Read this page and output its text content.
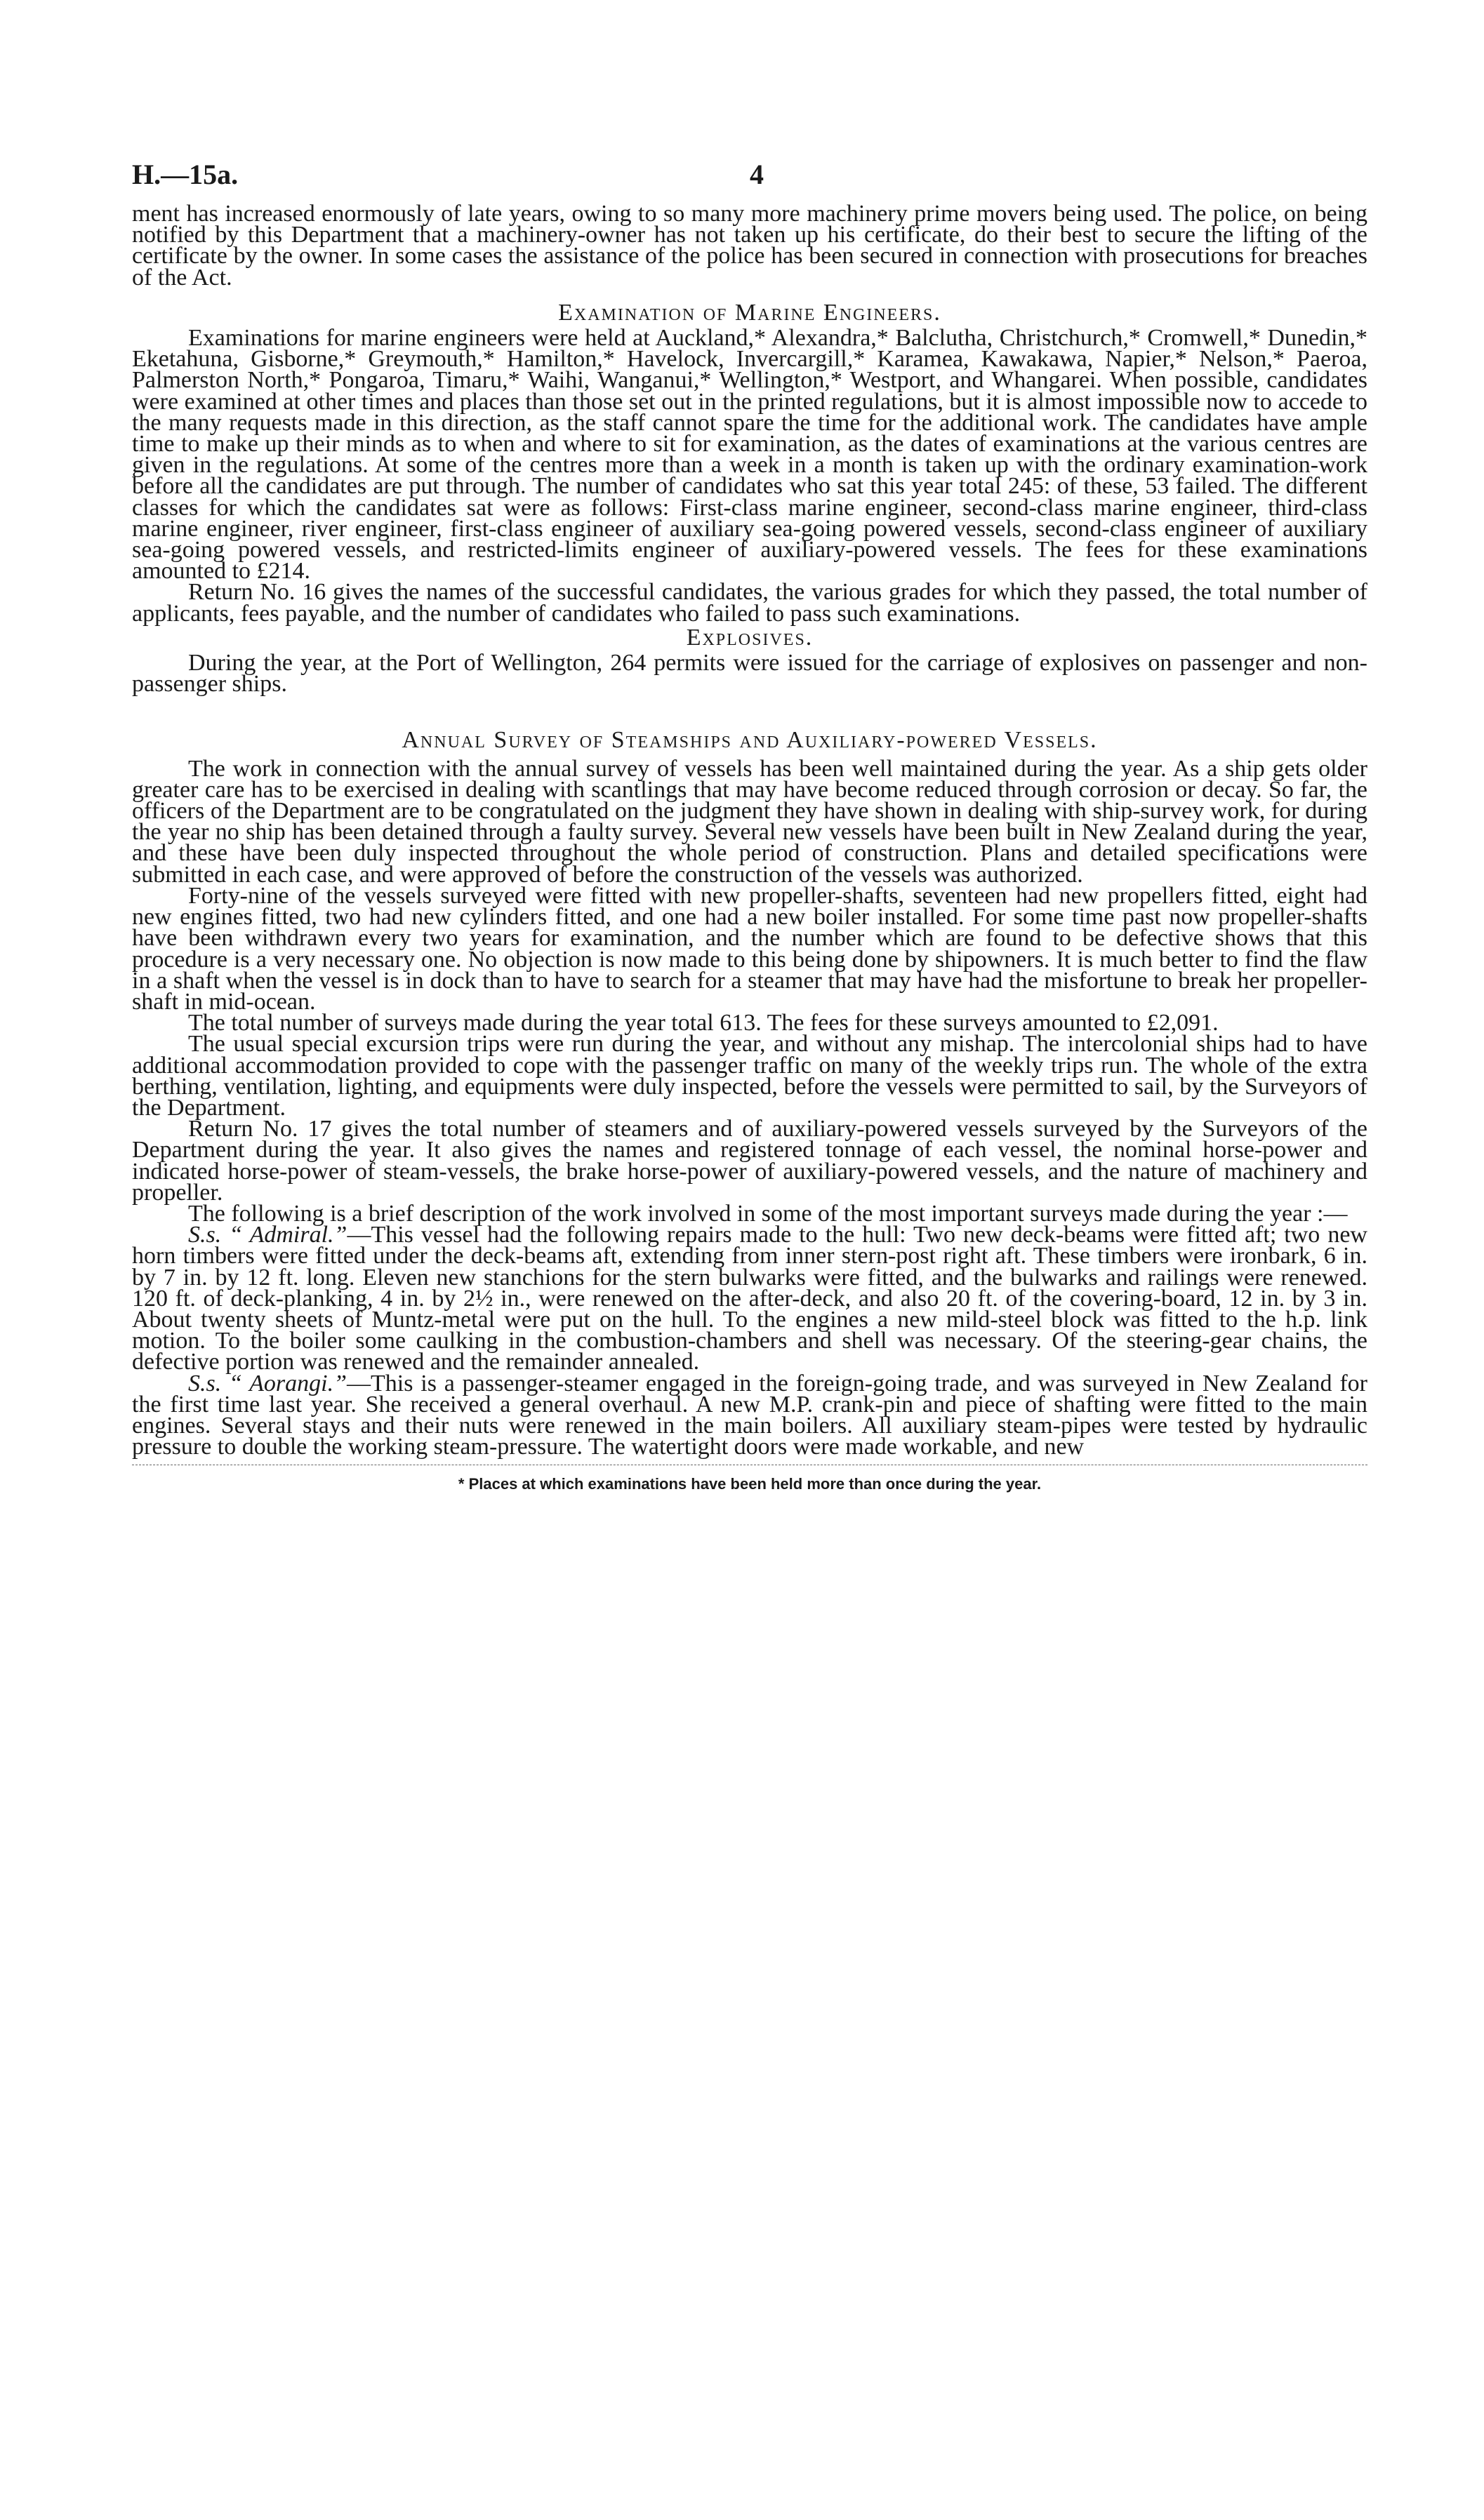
H.—15a.	4

ment has increased enormously of late years, owing to so many more machinery prime movers being used. The police, on being notified by this Department that a machinery-owner has not taken up his certificate, do their best to secure the lifting of the certificate by the owner. In some cases the assistance of the police has been secured in connection with prosecutions for breaches of the Act.

Examination of Marine Engineers.

Examinations for marine engineers were held at Auckland,* Alexandra,* Balclutha, Christchurch,* Cromwell,* Dunedin,* Eketahuna, Gisborne,* Greymouth,* Hamilton,* Havelock, Invercargill,* Karamea, Kawakawa, Napier,* Nelson,* Paeroa, Palmerston North,* Pongaroa, Timaru,* Waihi, Wanganui,* Wellington,* Westport, and Whangarei. When possible, candidates were examined at other times and places than those set out in the printed regulations, but it is almost impossible now to accede to the many requests made in this direction, as the staff cannot spare the time for the additional work. The candidates have ample time to make up their minds as to when and where to sit for examination, as the dates of examinations at the various centres are given in the regulations. At some of the centres more than a week in a month is taken up with the ordinary examination-work before all the candidates are put through. The number of candidates who sat this year total 245: of these, 53 failed. The different classes for which the candidates sat were as follows: First-class marine engineer, second-class marine engineer, third-class marine engineer, river engineer, first-class engineer of auxiliary sea-going powered vessels, second-class engineer of auxiliary sea-going powered vessels, and restricted-limits engineer of auxiliary-powered vessels. The fees for these examinations amounted to £214.

Return No. 16 gives the names of the successful candidates, the various grades for which they passed, the total number of applicants, fees payable, and the number of candidates who failed to pass such examinations.

Explosives.

During the year, at the Port of Wellington, 264 permits were issued for the carriage of explosives on passenger and non-passenger ships.

Annual Survey of Steamships and Auxiliary-powered Vessels.

The work in connection with the annual survey of vessels has been well maintained during the year. As a ship gets older greater care has to be exercised in dealing with scantlings that may have become reduced through corrosion or decay. So far, the officers of the Department are to be congratulated on the judgment they have shown in dealing with ship-survey work, for during the year no ship has been detained through a faulty survey. Several new vessels have been built in New Zealand during the year, and these have been duly inspected throughout the whole period of construction. Plans and detailed specifications were submitted in each case, and were approved of before the construction of the vessels was authorized.

Forty-nine of the vessels surveyed were fitted with new propeller-shafts, seventeen had new propellers fitted, eight had new engines fitted, two had new cylinders fitted, and one had a new boiler installed. For some time past now propeller-shafts have been withdrawn every two years for examination, and the number which are found to be defective shows that this procedure is a very necessary one. No objection is now made to this being done by shipowners. It is much better to find the flaw in a shaft when the vessel is in dock than to have to search for a steamer that may have had the misfortune to break her propeller-shaft in mid-ocean.

The total number of surveys made during the year total 613. The fees for these surveys amounted to £2,091.

The usual special excursion trips were run during the year, and without any mishap. The intercolonial ships had to have additional accommodation provided to cope with the passenger traffic on many of the weekly trips run. The whole of the extra berthing, ventilation, lighting, and equipments were duly inspected, before the vessels were permitted to sail, by the Surveyors of the Department.

Return No. 17 gives the total number of steamers and of auxiliary-powered vessels surveyed by the Surveyors of the Department during the year. It also gives the names and registered tonnage of each vessel, the nominal horse-power and indicated horse-power of steam-vessels, the brake horse-power of auxiliary-powered vessels, and the nature of machinery and propeller.

The following is a brief description of the work involved in some of the most important surveys made during the year :—

S.s. “ Admiral.”—This vessel had the following repairs made to the hull: Two new deck-beams were fitted aft; two new horn timbers were fitted under the deck-beams aft, extending from inner stern-post right aft. These timbers were ironbark, 6 in. by 7 in. by 12 ft. long. Eleven new stanchions for the stern bulwarks were fitted, and the bulwarks and railings were renewed. 120 ft. of deck-planking, 4 in. by 2½ in., were renewed on the after-deck, and also 20 ft. of the covering-board, 12 in. by 3 in. About twenty sheets of Muntz-metal were put on the hull. To the engines a new mild-steel block was fitted to the h.p. link motion. To the boiler some caulking in the combustion-chambers and shell was necessary. Of the steering-gear chains, the defective portion was renewed and the remainder annealed.

S.s. “ Aorangi.”—This is a passenger-steamer engaged in the foreign-going trade, and was surveyed in New Zealand for the first time last year. She received a general overhaul. A new M.P. crank-pin and piece of shafting were fitted to the main engines. Several stays and their nuts were renewed in the main boilers. All auxiliary steam-pipes were tested by hydraulic pressure to double the working steam-pressure. The watertight doors were made workable, and new

* Places at which examinations have been held more than once during the year.
